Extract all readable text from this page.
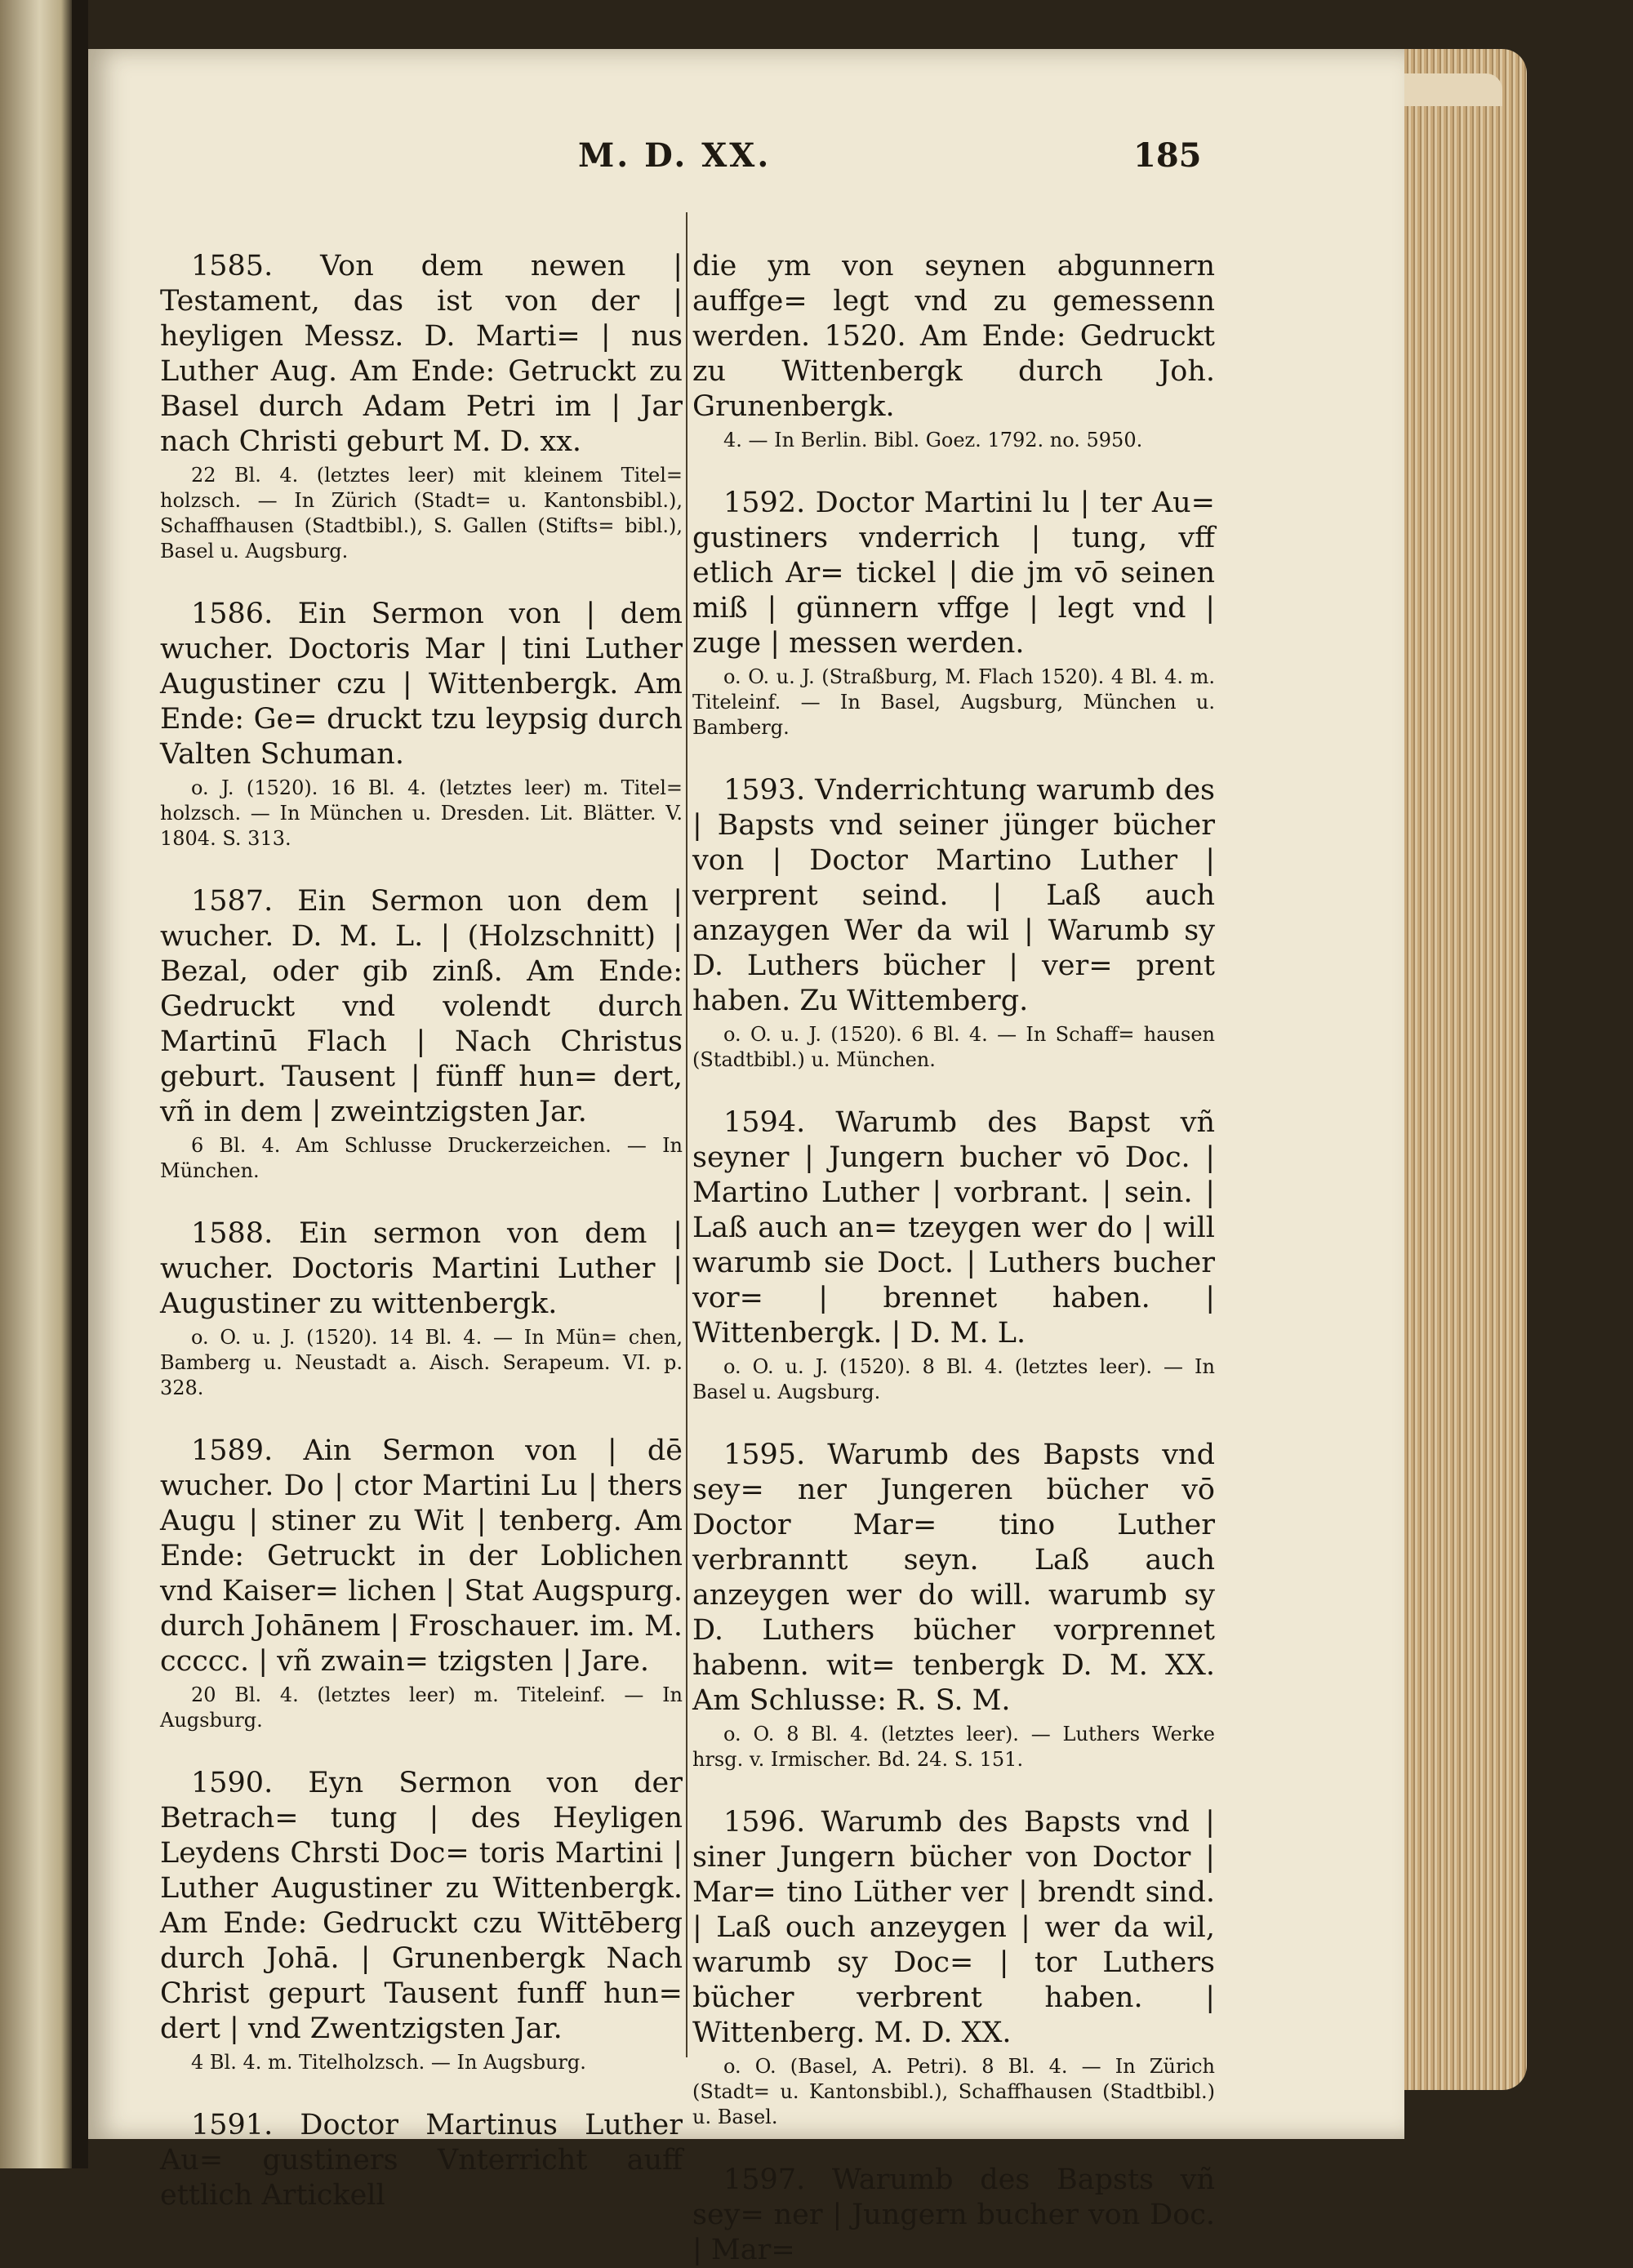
M. D. XX.	185
1585. Von dem newen | Testament, das ist von der | heyligen Messz. D. Marti= | nus Luther Aug. Am Ende: Getruckt zu Basel durch Adam Petri im | Jar nach Christi geburt M. D. xx.
22 Bl. 4. (letztes leer) mit kleinem Titel= holzsch. — In Zürich (Stadt= u. Kantonsbibl.), Schaffhausen (Stadtbibl.), S. Gallen (Stifts= bibl.), Basel u. Augsburg.
1586. Ein Sermon von | dem wucher. Doctoris Mar | tini Luther Augustiner czu | Wittenbergk. Am Ende: Ge= druckt tzu leypsig durch Valten Schuman.
o. J. (1520). 16 Bl. 4. (letztes leer) m. Titel= holzsch. — In München u. Dresden. Lit. Blätter. V. 1804. S. 313.
1587. Ein Sermon uon dem | wucher. D. M. L. | (Holzschnitt) | Bezal, oder gib zinß. Am Ende: Gedruckt vnd volendt durch Martinū Flach | Nach Christus geburt. Tausent | fünff hun= dert, vñ in dem | zweintzigsten Jar.
6 Bl. 4. Am Schlusse Druckerzeichen. — In München.
1588. Ein sermon von dem | wucher. Doctoris Martini Luther | Augustiner zu wittenbergk.
o. O. u. J. (1520). 14 Bl. 4. — In Mün= chen, Bamberg u. Neustadt a. Aisch. Serapeum. VI. p. 328.
1589. Ain Sermon von | dē wucher. Do | ctor Martini Lu | thers Augu | stiner zu Wit | tenberg. Am Ende: Getruckt in der Loblichen vnd Kaiser= lichen | Stat Augspurg. durch Johānem | Froschauer. im. M. ccccc. | vñ zwain= tzigsten | Jare.
20 Bl. 4. (letztes leer) m. Titeleinf. — In Augsburg.
1590. Eyn Sermon von der Betrach= tung | des Heyligen Leydens Chrsti Doc= toris Martini | Luther Augustiner zu Wittenbergk. Am Ende: Gedruckt czu Wittēberg durch Johā. | Grunenbergk Nach Christ gepurt Tausent funff hun= dert | vnd Zwentzigsten Jar.
4 Bl. 4. m. Titelholzsch. — In Augsburg.
1591. Doctor Martinus Luther Au= gustiners Vnterricht auff ettlich Artickell
die ym von seynen abgunnern auffge= legt vnd zu gemessenn werden. 1520. Am Ende: Gedruckt zu Wittenbergk durch Joh. Grunenbergk.
4. — In Berlin. Bibl. Goez. 1792. no. 5950.
1592. Doctor Martini lu | ter Au= gustiners vnderrich | tung, vff etlich Ar= tickel | die jm vō seinen miß | günnern vffge | legt vnd | zuge | messen werden.
o. O. u. J. (Straßburg, M. Flach 1520). 4 Bl. 4. m. Titeleinf. — In Basel, Augsburg, München u. Bamberg.
1593. Vnderrichtung warumb des | Bapsts vnd seiner jünger bücher von | Doctor Martino Luther | verprent seind. | Laß auch anzaygen Wer da wil | Warumb sy D. Luthers bücher | ver= prent haben. Zu Wittemberg.
o. O. u. J. (1520). 6 Bl. 4. — In Schaff= hausen (Stadtbibl.) u. München.
1594. Warumb des Bapst vñ seyner | Jungern bucher vō Doc. | Martino Luther | vorbrant. | sein. | Laß auch an= tzeygen wer do | will warumb sie Doct. | Luthers bucher vor= | brennet haben. | Wittenbergk. | D. M. L.
o. O. u. J. (1520). 8 Bl. 4. (letztes leer). — In Basel u. Augsburg.
1595. Warumb des Bapsts vnd sey= ner Jungeren bücher vō Doctor Mar= tino Luther verbranntt seyn. Laß auch anzeygen wer do will. warumb sy D. Luthers bücher vorprennet habenn. wit= tenbergk D. M. XX. Am Schlusse: R. S. M.
o. O. 8 Bl. 4. (letztes leer). — Luthers Werke hrsg. v. Irmischer. Bd. 24. S. 151.
1596. Warumb des Bapsts vnd | siner Jungern bücher von Doctor | Mar= tino Lüther ver | brendt sind. | Laß ouch anzeygen | wer da wil, warumb sy Doc= | tor Luthers bücher verbrent haben. | Wittenberg. M. D. XX.
o. O. (Basel, A. Petri). 8 Bl. 4. — In Zürich (Stadt= u. Kantonsbibl.), Schaffhausen (Stadtbibl.) u. Basel.
1597. Warumb des Bapsts vñ sey= ner | Jungern bucher von Doc. | Mar=
